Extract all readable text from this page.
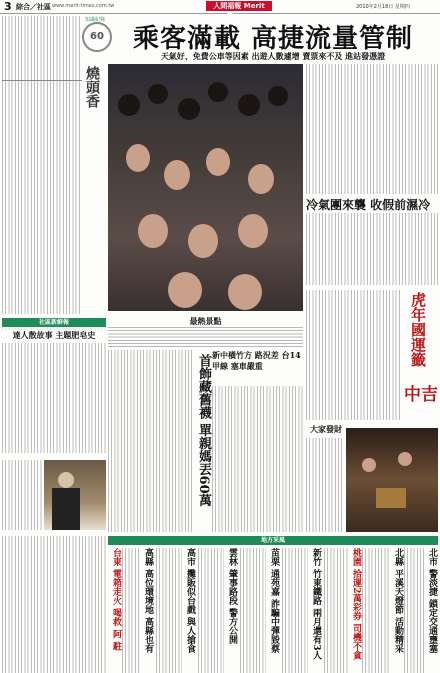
3 綜合／社區 www.merit-times.com.tw	人間福報 Merit Times
2010年2月18日 星期四
60
知識紀錄
燒頭香
社區新鮮報
達人散故事 主題肥皂史
乘客滿載 高捷流量管制
天氣好、免費公車等因素 出遊人數遽增 賣票來不及 進站發憑證
冷氣團來襲 收假前濕冷
虎年國運籤
中吉
大家發財
最熱景點
首飾藏舊襪 單親媽丟60萬 新中橫竹方 路況差 台14甲線 塞車嚴重
地方采風
北市 警淡捷 鎖定交通壅塞
北縣 平溪天燈節 活動精采
桃園 拾運2萬彩券 司機不貪
新竹 竹東鐵路 兩月還有3人
苗栗 通苑嘉 詐騙中彈毀蔡
雲林 肇事路段 警方公開
高市 攤販似台戲 與人搶食
高縣 高位環境地 高縣也有
台東 電箱走火 喝救 阿 駐
